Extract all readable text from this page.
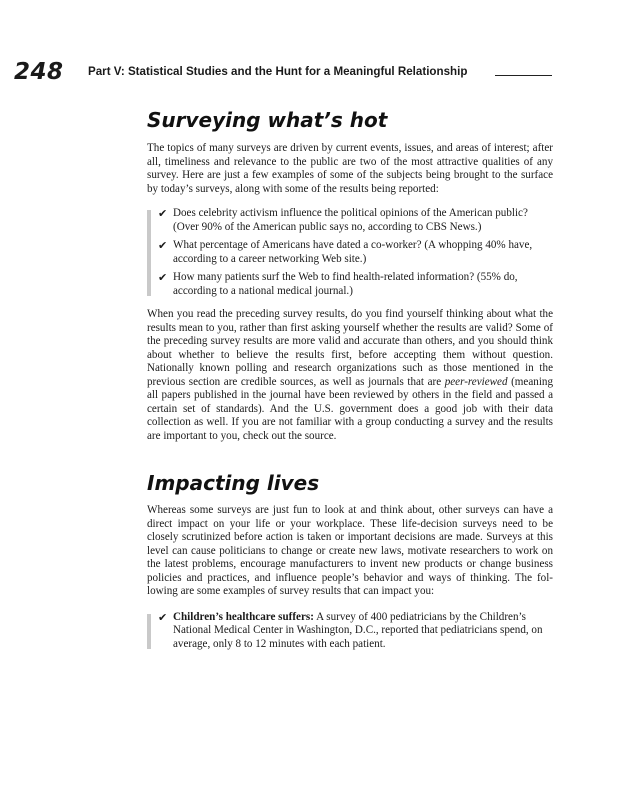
248 Part V: Statistical Studies and the Hunt for a Meaningful Relationship
Surveying what’s hot

The topics of many surveys are driven by current events, issues, and areas of interest; after all, timeliness and relevance to the public are two of the most attractive qualities of any survey. Here are just a few examples of some of the subjects being brought to the surface by today’s surveys, along with some of the results being reported:

✔ Does celebrity activism influence the political opinions of the American public? (Over 90% of the American public says no, according to CBS News.)
✔ What percentage of Americans have dated a co-worker? (A whopping 40% have, according to a career networking Web site.)
✔ How many patients surf the Web to find health-related information? (55% do, according to a national medical journal.)

When you read the preceding survey results, do you find yourself thinking about what the results mean to you, rather than first asking yourself whether the results are valid? Some of the preceding survey results are more valid and accurate than others, and you should think about whether to believe the results first, before accepting them without question. Nationally known polling and research organizations such as those mentioned in the previous section are credible sources, as well as journals that are peer-reviewed (meaning all papers published in the journal have been reviewed by others in the field and passed a certain set of standards). And the U.S. government does a good job with their data collection as well. If you are not familiar with a group conducting a survey and the results are important to you, check out the source.

Impacting lives

Whereas some surveys are just fun to look at and think about, other surveys can have a direct impact on your life or your workplace. These life-decision surveys need to be closely scrutinized before action is taken or important decisions are made. Surveys at this level can cause politicians to change or create new laws, motivate researchers to work on the latest problems, encourage manufacturers to invent new products or change business policies and practices, and influence people’s behavior and ways of thinking. The following are some examples of survey results that can impact you:

✔ Children’s healthcare suffers: A survey of 400 pediatricians by the Children’s National Medical Center in Washington, D.C., reported that pediatricians spend, on average, only 8 to 12 minutes with each patient.
